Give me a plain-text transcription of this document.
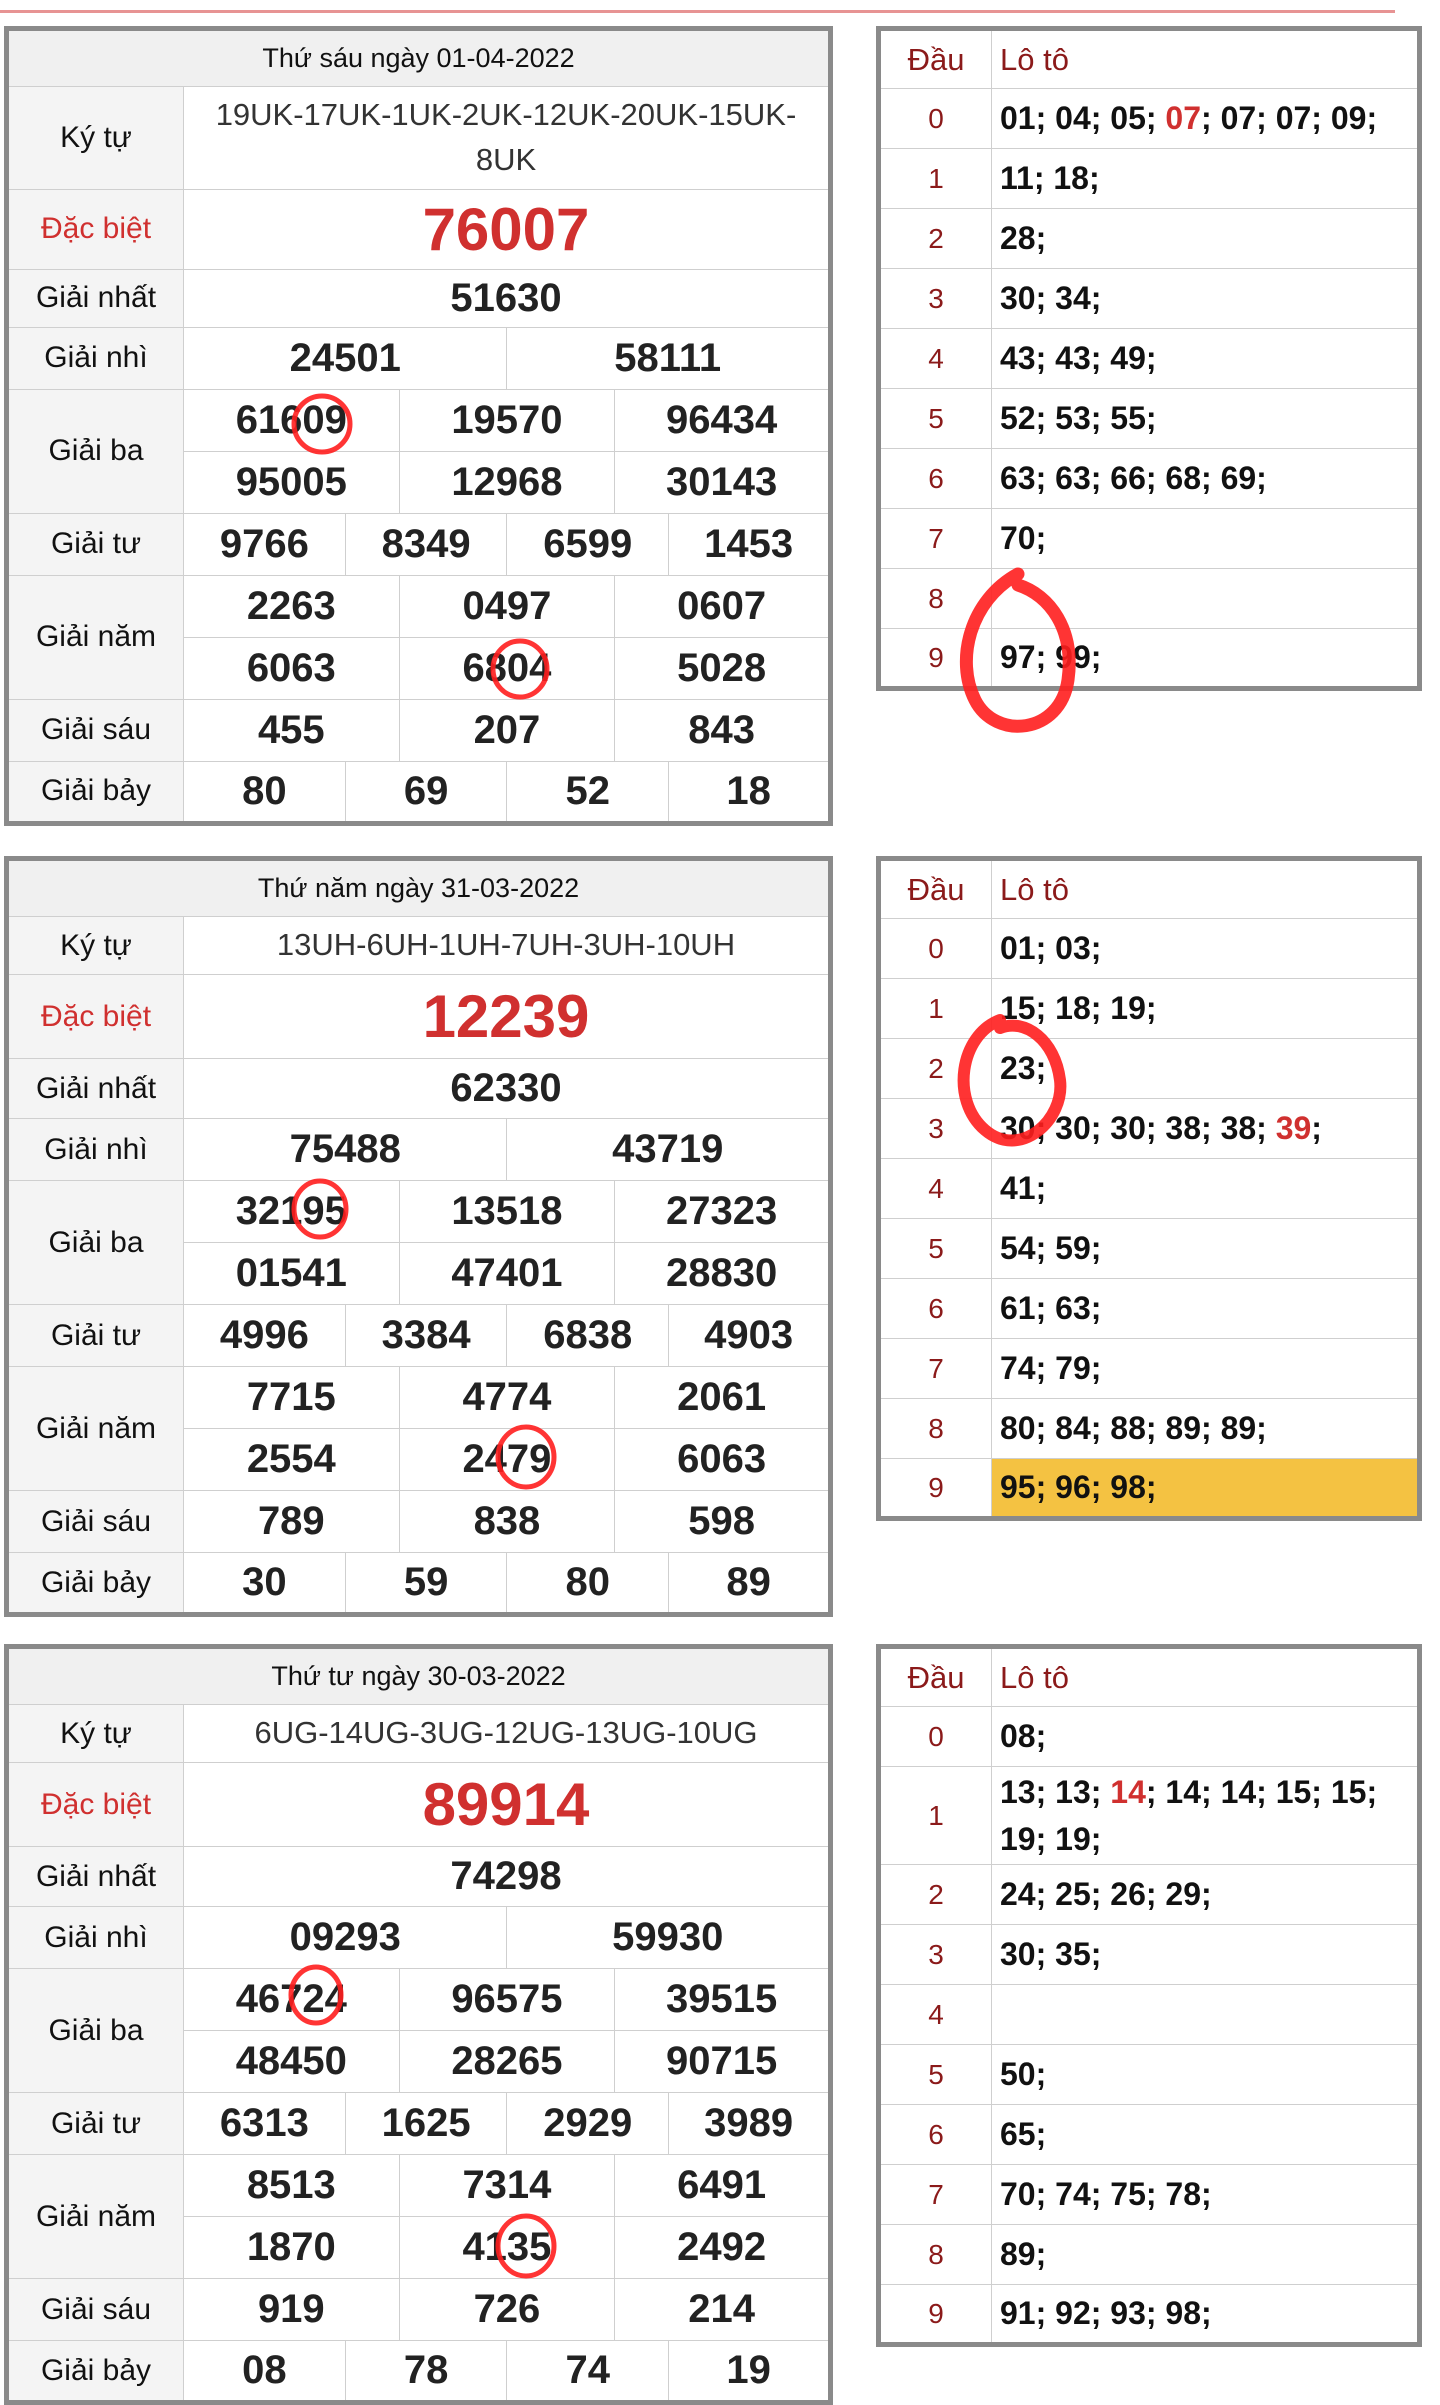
Thứ sáu ngày 01-04-2022						
Ký tự	19UK-17UK-1UK-2UK-12UK-20UK-15UK-8UK					
Đặc biệt	76007					
Giải nhất	51630					
Giải nhì	24501			58111		
Giải ba	61609		19570		96434	
	95005		12968		30143	
Giải tư	9766	8349		6599		1453
Giải năm	2263		0497		0607	
	6063		6804		5028	
Giải sáu	455		207		843	
Giải bảy	80	69		52		18
Đầu	Lô tô
0	01; 04; 05; 07; 07; 07; 09;
1	11; 18;
2	28;
3	30; 34;
4	43; 43; 49;
5	52; 53; 55;
6	63; 63; 66; 68; 69;
7	70;
8	
9	97; 99;
Thứ năm ngày 31-03-2022						
Ký tự	13UH-6UH-1UH-7UH-3UH-10UH					
Đặc biệt	12239					
Giải nhất	62330					
Giải nhì	75488			43719		
Giải ba	32195		13518		27323	
	01541		47401		28830	
Giải tư	4996	3384		6838		4903
Giải năm	7715		4774		2061	
	2554		2479		6063	
Giải sáu	789		838		598	
Giải bảy	30	59		80		89
Đầu	Lô tô
0	01; 03;
1	15; 18; 19;
2	23;
3	30; 30; 30; 38; 38; 39;
4	41;
5	54; 59;
6	61; 63;
7	74; 79;
8	80; 84; 88; 89; 89;
9	95; 96; 98;
Thứ tư ngày 30-03-2022						
Ký tự	6UG-14UG-3UG-12UG-13UG-10UG					
Đặc biệt	89914					
Giải nhất	74298					
Giải nhì	09293			59930		
Giải ba	46724		96575		39515	
	48450		28265		90715	
Giải tư	6313	1625		2929		3989
Giải năm	8513		7314		6491	
	1870		4135		2492	
Giải sáu	919		726		214	
Giải bảy	08	78		74		19
Đầu	Lô tô
0	08;
1	13; 13; 14; 14; 14; 15; 15; 19; 19;
2	24; 25; 26; 29;
3	30; 35;
4	
5	50;
6	65;
7	70; 74; 75; 78;
8	89;
9	91; 92; 93; 98;
